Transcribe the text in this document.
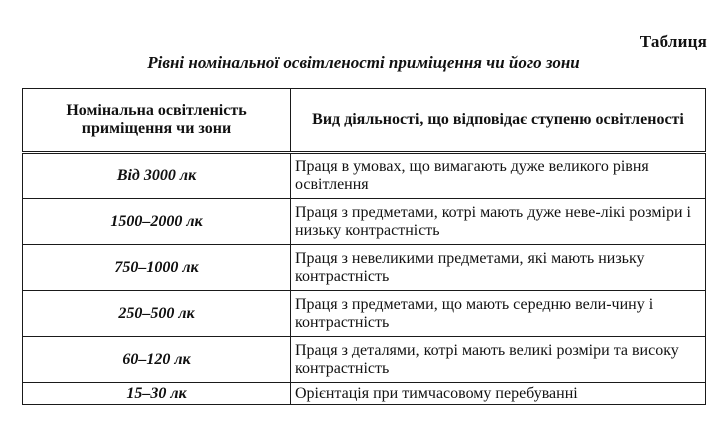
Таблиця
Рівні номінальної освітленості приміщення чи його зони
Номінальна освітленість приміщення чи зони	Вид діяльності, що відповідає ступеню освітленості
Від 3000 лк	Праця в умовах, що вимагають дуже великого рівня освітлення
1500–2000 лк	Праця з предметами, котрі мають дуже неве-лікі розміри і низьку контрастність
750–1000 лк	Праця з невеликими предметами, які мають низьку контрастність
250–500 лк	Праця з предметами, що мають середню вели-чину і контрастність
60–120 лк	Праця з деталями, котрі мають великі розміри та високу контрастність
15–30 лк	Орієнтація при тимчасовому перебуванні
